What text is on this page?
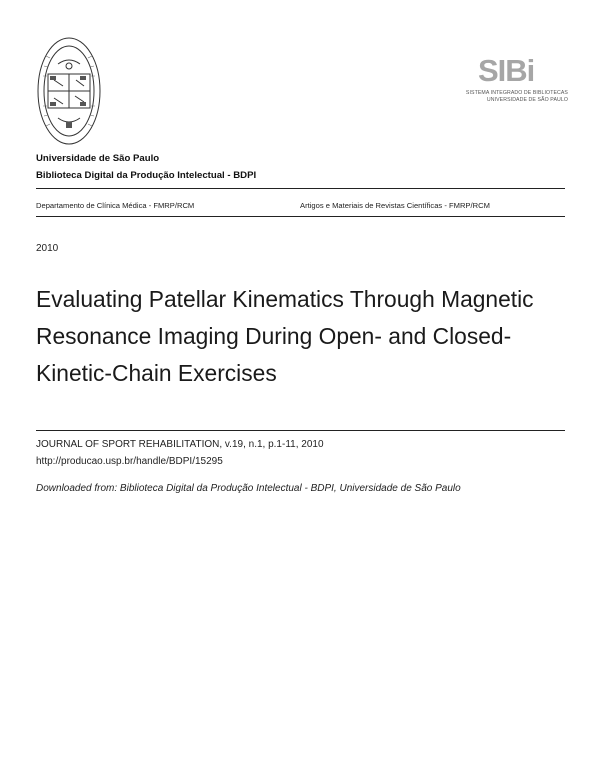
SIBi
SISTEMA INTEGRADO DE BIBLIOTECAS
UNIVERSIDADE DE SÃO PAULO
Universidade de São Paulo
Biblioteca Digital da Produção Intelectual - BDPI
Departamento de Clínica Médica - FMRP/RCM	Artigos e Materiais de Revistas Científicas - FMRP/RCM
2010
Evaluating Patellar Kinematics Through Magnetic Resonance Imaging During Open- and Closed-Kinetic-Chain Exercises
JOURNAL OF SPORT REHABILITATION, v.19, n.1, p.1-11, 2010
http://producao.usp.br/handle/BDPI/15295
Downloaded from: Biblioteca Digital da Produção Intelectual - BDPI, Universidade de São Paulo
